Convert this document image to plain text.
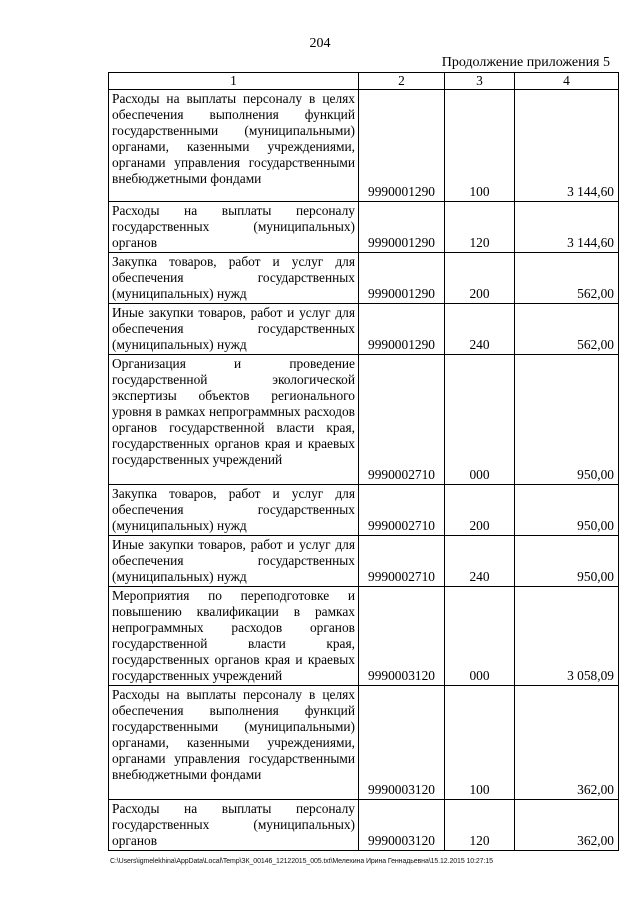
204
Продолжение приложения 5
1	2	3	4
Расходы на выплаты персоналу в целях обеспечения выполнения функций государственными (муниципальными) органами, казенными учреждениями, органами управления государственными внебюджетными фондами	9990001290	100	3 144,60
Расходы на выплаты персоналу государственных (муниципальных) органов	9990001290	120	3 144,60
Закупка товаров, работ и услуг для обеспечения государственных (муниципальных) нужд	9990001290	200	562,00
Иные закупки товаров, работ и услуг для обеспечения государственных (муниципальных) нужд	9990001290	240	562,00
Организация и проведение государственной экологической экспертизы объектов регионального уровня в рамках непрограммных расходов органов государственной власти края, государственных органов края и краевых государственных учреждений	9990002710	000	950,00
Закупка товаров, работ и услуг для обеспечения государственных (муниципальных) нужд	9990002710	200	950,00
Иные закупки товаров, работ и услуг для обеспечения государственных (муниципальных) нужд	9990002710	240	950,00
Мероприятия по переподготовке и повышению квалификации в рамках непрограммных расходов органов государственной власти края, государственных органов края и краевых государственных учреждений	9990003120	000	3 058,09
Расходы на выплаты персоналу в целях обеспечения выполнения функций государственными (муниципальными) органами, казенными учреждениями, органами управления государственными внебюджетными фондами	9990003120	100	362,00
Расходы на выплаты персоналу государственных (муниципальных) органов	9990003120	120	362,00
C:\Users\igmelekhina\AppData\Local\Temp\ЗК_00146_12122015_005.txt\Мелехина Ирина Геннадьевна\15.12.2015 10:27:15
